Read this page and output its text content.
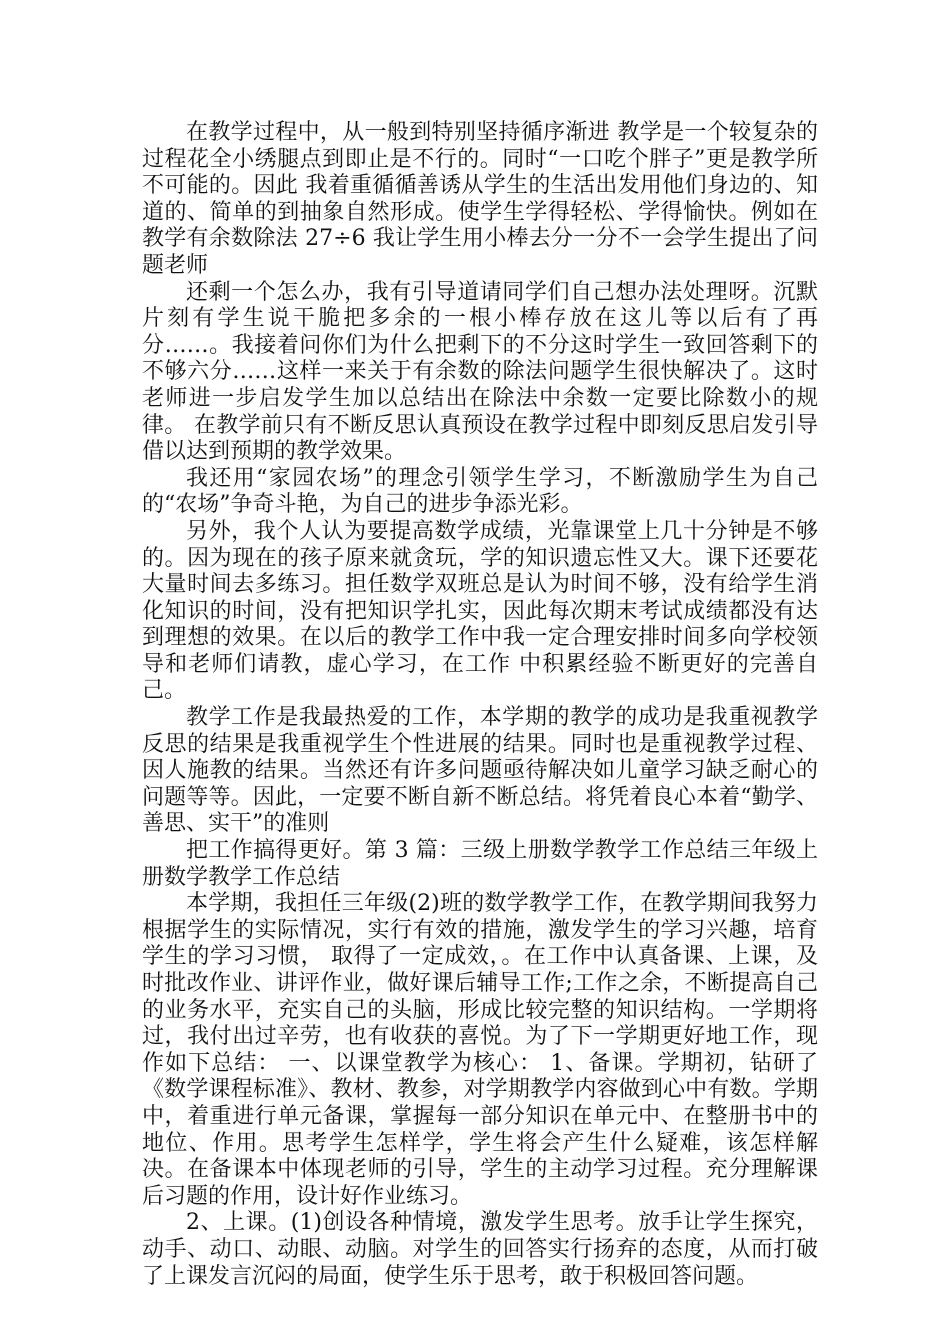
在教学过程中，从一般到特别坚持循序渐进 教学是一个较复杂的过程花全小绣腿点到即止是不行的。同时“一口吃个胖子”更是教学所不可能的。因此 我着重循循善诱从学生的生活出发用他们身边的、知道的、简单的到抽象自然形成。使学生学得轻松、学得愉快。例如在教学有余数除法 27÷6 我让学生用小棒去分一分不一会学生提出了问题老师

还剩一个怎么办，我有引导道请同学们自己想办法处理呀。沉默片刻有学生说干脆把多余的一根小棒存放在这儿等以后有了再分……。我接着问你们为什么把剩下的不分这时学生一致回答剩下的不够六分……这样一来关于有余数的除法问题学生很快解决了。这时老师进一步启发学生加以总结出在除法中余数一定要比除数小的规律。 在教学前只有不断反思认真预设在教学过程中即刻反思启发引导借以达到预期的教学效果。

我还用“家园农场”的理念引领学生学习，不断激励学生为自己的“农场”争奇斗艳，为自己的进步争添光彩。

另外，我个人认为要提高数学成绩，光靠课堂上几十分钟是不够的。因为现在的孩子原来就贪玩，学的知识遗忘性又大。课下还要花大量时间去多练习。担任数学双班总是认为时间不够，没有给学生消化知识的时间，没有把知识学扎实，因此每次期末考试成绩都没有达到理想的效果。在以后的教学工作中我一定合理安排时间多向学校领导和老师们请教，虚心学习，在工作 中积累经验不断更好的完善自己。

教学工作是我最热爱的工作，本学期的教学的成功是我重视教学反思的结果是我重视学生个性进展的结果。同时也是重视教学过程、因人施教的结果。当然还有许多问题亟待解决如儿童学习缺乏耐心的问题等等。因此，一定要不断自新不断总结。将凭着良心本着“勤学、善思、实干”的准则

把工作搞得更好。第 3 篇：三级上册数学教学工作总结三年级上册数学教学工作总结

本学期，我担任三年级(2)班的数学教学工作，在教学期间我努力根据学生的实际情况，实行有效的措施，激发学生的学习兴趣，培育学生的学习习惯， 取得了一定成效，。在工作中认真备课、上课，及时批改作业、讲评作业，做好课后辅导工作;工作之余，不断提高自己的业务水平，充实自己的头脑，形成比较完整的知识结构。一学期将过，我付出过辛劳，也有收获的喜悦。为了下一学期更好地工作，现作如下总结： 一、以课堂教学为核心： 1、备课。学期初，钻研了《数学课程标准》、教材、教参，对学期教学内容做到心中有数。学期中，着重进行单元备课，掌握每一部分知识在单元中、在整册书中的地位、作用。思考学生怎样学，学生将会产生什么疑难，该怎样解决。在备课本中体现老师的引导，学生的主动学习过程。充分理解课后习题的作用，设计好作业练习。

2、上课。(1)创设各种情境，激发学生思考。放手让学生探究，动手、动口、动眼、动脑。对学生的回答实行扬弃的态度，从而打破了上课发言沉闷的局面，使学生乐于思考，敢于积极回答问题。
